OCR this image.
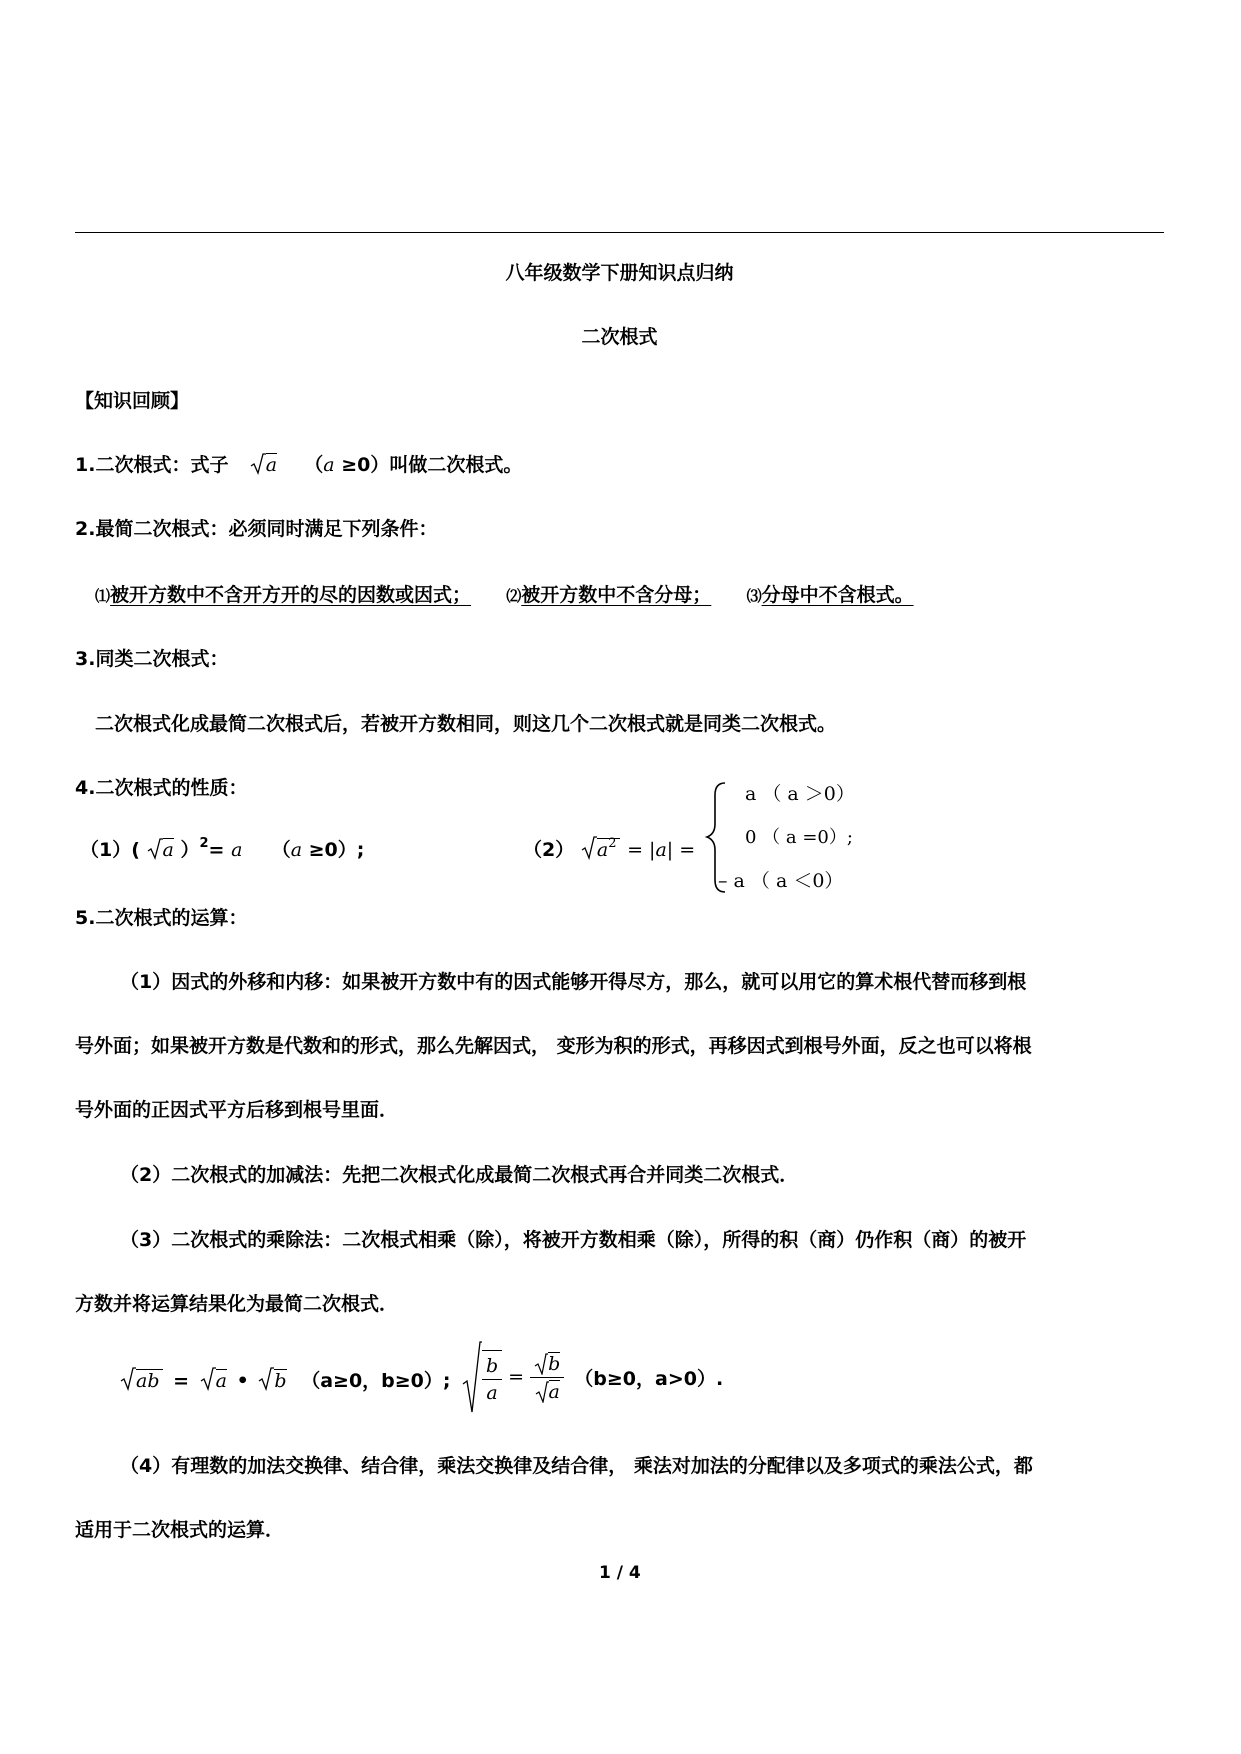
八年级数学下册知识点归纳
二次根式
【知识回顾】
1.二次根式：式子 a （a ≥0）叫做二次根式。
2.最简二次根式：必须同时满足下列条件：
⑴被开方数中不含开方开的尽的因数或因式； ⑵被开方数中不含分母； ⑶分母中不含根式。
3.同类二次根式：
二次根式化成最简二次根式后，若被开方数相同，则这几个二次根式就是同类二次根式。
4.二次根式的性质：
（1）( a ）$^2$= a （a ≥0）;	（2） $a^2 = |a|$ =
a （ a ＞0）
0 （ a =0）;
– a （ a ＜0）
5.二次根式的运算：
（1）因式的外移和内移：如果被开方数中有的因式能够开得尽方，那么，就可以用它的算术根代替而移到根
号外面；如果被开方数是代数和的形式，那么先解因式， 变形为积的形式，再移因式到根号外面，反之也可以将根
号外面的正因式平方后移到根号里面．
（2）二次根式的加减法：先把二次根式化成最简二次根式再合并同类二次根式．
（3）二次根式的乘除法：二次根式相乘（除），将被开方数相乘（除），所得的积（商）仍作积（商）的被开
方数并将运算结果化为最简二次根式．
ab = a • b （a≥0，b≥0）; $\frac{b}{a} = \frac{b}{a} (b\ge 0$，a>0）.
（4）有理数的加法交换律、结合律，乘法交换律及结合律， 乘法对加法的分配律以及多项式的乘法公式，都
适用于二次根式的运算．
1 / 4
